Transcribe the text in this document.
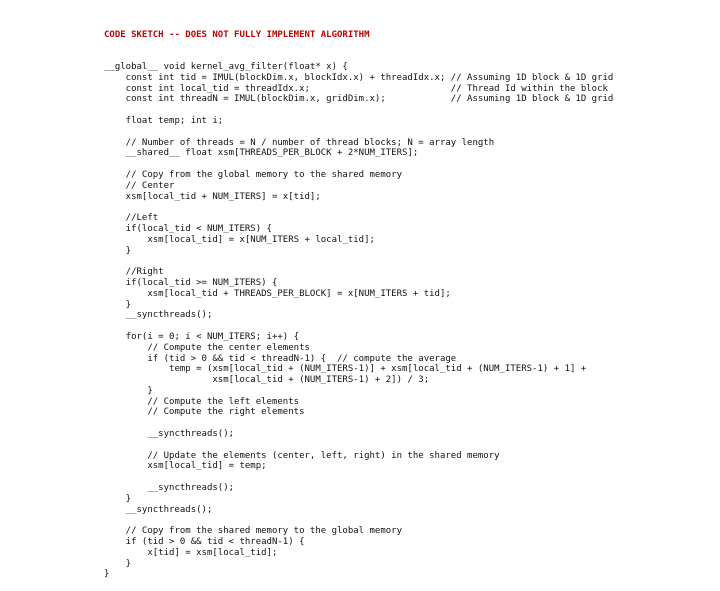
CODE SKETCH -- DOES NOT FULLY IMPLEMENT ALGORITHM

__global__ void kernel_avg_filter(float* x) {
const int tid = IMUL(blockDim.x, blockIdx.x) + threadIdx.x; // Assuming 1D block & 1D grid
const int local_tid = threadIdx.x;                          // Thread Id within the block
const int threadN = IMUL(blockDim.x, gridDim.x);            // Assuming 1D block & 1D grid
float temp; int i;
// Number of threads = N / number of thread blocks; N = array length
__shared__ float xsm[THREADS_PER_BLOCK + 2*NUM_ITERS];
// Copy from the global memory to the shared memory
// Center
xsm[local_tid + NUM_ITERS] = x[tid];
//Left
if(local_tid < NUM_ITERS) {
xsm[local_tid] = x[NUM_ITERS + local_tid];
}
//Right
if(local_tid >= NUM_ITERS) {
xsm[local_tid + THREADS_PER_BLOCK] = x[NUM_ITERS + tid];
}
__syncthreads();
for(i = 0; i < NUM_ITERS; i++) {
// Compute the center elements
if (tid > 0 && tid < threadN-1) {  // compute the average
temp = (xsm[local_tid + (NUM_ITERS-1)] + xsm[local_tid + (NUM_ITERS-1) + 1] +
xsm[local_tid + (NUM_ITERS-1) + 2]) / 3;
}
// Compute the left elements
// Compute the right elements
__syncthreads();
// Update the elements (center, left, right) in the shared memory
xsm[local_tid] = temp;
__syncthreads();
}
__syncthreads();
// Copy from the shared memory to the global memory
if (tid > 0 && tid < threadN-1) {
x[tid] = xsm[local_tid];
}
}
